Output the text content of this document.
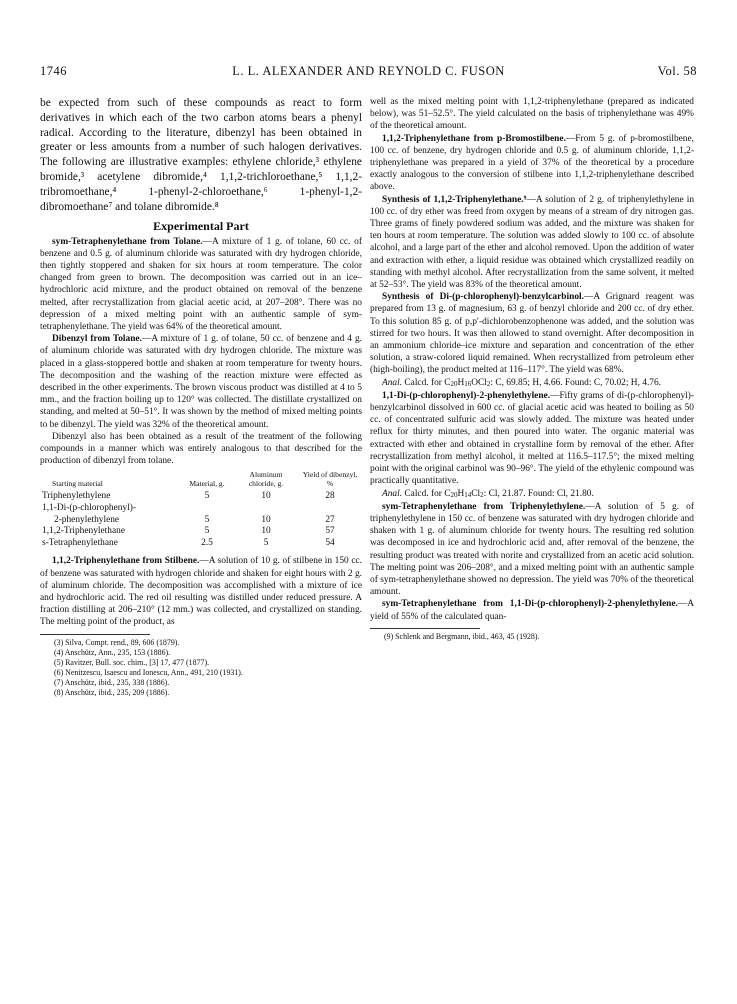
1746	L. L. ALEXANDER AND REYNOLD C. FUSON	Vol. 58

be expected from such of these compounds as react to form derivatives in which each of the two carbon atoms bears a phenyl radical. According to the literature, dibenzyl has been obtained in greater or less amounts from a number of such halogen derivatives. The following are illustrative examples: ethylene chloride,³ ethylene bromide,³ acetylene dibromide,⁴ 1,1,2-trichloroethane,⁵ 1,1,2-tribromoethane,⁴ 1-phenyl-2-chloroethane,⁶ 1-phenyl-1,2-dibromoethane⁷ and tolane dibromide.⁸

Experimental Part

sym-Tetraphenylethane from Tolane.—A mixture of 1 g. of tolane, 60 cc. of benzene and 0.5 g. of aluminum chloride was saturated with dry hydrogen chloride, then tightly stoppered and shaken for six hours at room temperature. The color changed from green to brown. The decomposition was carried out in an ice–hydrochloric acid mixture, and the product obtained on removal of the benzene melted, after recrystallization from glacial acetic acid, at 207–208°. There was no depression of a mixed melting point with an authentic sample of sym-tetraphenylethane. The yield was 64% of the theoretical amount.

Dibenzyl from Tolane.—A mixture of 1 g. of tolane, 50 cc. of benzene and 4 g. of aluminum chloride was saturated with dry hydrogen chloride. The mixture was placed in a glass-stoppered bottle and shaken at room temperature for twenty hours. The decomposition and the washing of the reaction mixture were effected as described in the other experiments. The brown viscous product was distilled at 4 to 5 mm., and the fraction boiling up to 120° was collected. The distillate crystallized on standing, and melted at 50–51°. It was shown by the method of mixed melting points to be dibenzyl. The yield was 32% of the theoretical amount.

Dibenzyl also has been obtained as a result of the treatment of the following compounds in a manner which was entirely analogous to that described for the production of dibenzyl from tolane.

Starting material	Material, g.	Aluminum chloride, g.	Yield of dibenzyl, %
Triphenylethylene	5	10	28
1,1-Di-(p-chlorophenyl)-			
2-phenylethylene	5	10	27
1,1,2-Triphenylethane	5	10	57
s-Tetraphenylethane	2.5	5	54

1,1,2-Triphenylethane from Stilbene.—A solution of 10 g. of stilbene in 150 cc. of benzene was saturated with hydrogen chloride and shaken for eight hours with 2 g. of aluminum chloride. The decomposition was accomplished with a mixture of ice and hydrochloric acid. The red oil resulting was distilled under reduced pressure. A fraction distilling at 206–210° (12 mm.) was collected, and crystallized on standing. The melting point of the product, as

(3) Silva, Compt. rend., 89, 606 (1879).
(4) Anschütz, Ann., 235, 153 (1886).
(5) Ravitzer, Bull. soc. chim., [3] 17, 477 (1877).
(6) Nenitzescu, Isaescu and Ionescu, Ann., 491, 210 (1931).
(7) Anschütz, ibid., 235, 338 (1886).
(8) Anschütz, ibid., 235, 209 (1886).

well as the mixed melting point with 1,1,2-triphenylethane (prepared as indicated below), was 51–52.5°. The yield calculated on the basis of triphenylethane was 49% of the theoretical amount.

1,1,2-Triphenylethane from p-Bromostilbene.—From 5 g. of p-bromostilbene, 100 cc. of benzene, dry hydrogen chloride and 0.5 g. of aluminum chloride, 1,1,2-triphenylethane was prepared in a yield of 37% of the theoretical by a procedure exactly analogous to the conversion of stilbene into 1,1,2-triphenylethane described above.

Synthesis of 1,1,2-Triphenylethane.⁹—A solution of 2 g. of triphenylethylene in 100 cc. of dry ether was freed from oxygen by means of a stream of dry nitrogen gas. Three grams of finely powdered sodium was added, and the mixture was shaken for ten hours at room temperature. The solution was added slowly to 100 cc. of absolute alcohol, and a large part of the ether and alcohol removed. Upon the addition of water and extraction with ether, a liquid residue was obtained which crystallized readily on standing with methyl alcohol. After recrystallization from the same solvent, it melted at 52–53°. The yield was 83% of the theoretical amount.

Synthesis of Di-(p-chlorophenyl)-benzylcarbinol.—A Grignard reagent was prepared from 13 g. of magnesium, 63 g. of benzyl chloride and 200 cc. of dry ether. To this solution 85 g. of p,p′-dichlorobenzophenone was added, and the solution was stirred for two hours. It was then allowed to stand overnight. After decomposition in an ammonium chloride–ice mixture and separation and concentration of the ether solution, a straw-colored liquid remained. When recrystallized from petroleum ether (high-boiling), the product melted at 116–117°. The yield was 68%.

Anal. Calcd. for C20H16OCl2: C, 69.85; H, 4.66. Found: C, 70.02; H, 4.76.

1,1-Di-(p-chlorophenyl)-2-phenylethylene.—Fifty grams of di-(p-chlorophenyl)-benzylcarbinol dissolved in 600 cc. of glacial acetic acid was heated to boiling as 50 cc. of concentrated sulfuric acid was slowly added. The mixture was heated under reflux for thirty minutes, and then poured into water. The organic material was extracted with ether and obtained in crystalline form by removal of the ether. After recrystallization from methyl alcohol, it melted at 116.5–117.5°; the mixed melting point with the original carbinol was 90–96°. The yield of the ethylenic compound was practically quantitative.

Anal. Calcd. for C20H14Cl2: Cl, 21.87. Found: Cl, 21.80.

sym-Tetraphenylethane from Triphenylethylene.—A solution of 5 g. of triphenylethylene in 150 cc. of benzene was saturated with dry hydrogen chloride and shaken with 1 g. of aluminum chloride for twenty hours. The resulting red solution was decomposed in ice and hydrochloric acid and, after removal of the benzene, the resulting product was treated with norite and crystallized from an acetic acid solution. The melting point was 206–208°, and a mixed melting point with an authentic sample of sym-tetraphenylethane showed no depression. The yield was 70% of the theoretical amount.

sym-Tetraphenylethane from 1,1-Di-(p-chlorophenyl)-2-phenylethylene.—A yield of 55% of the calculated quan-

(9) Schlenk and Bergmann, ibid., 463, 45 (1928).
